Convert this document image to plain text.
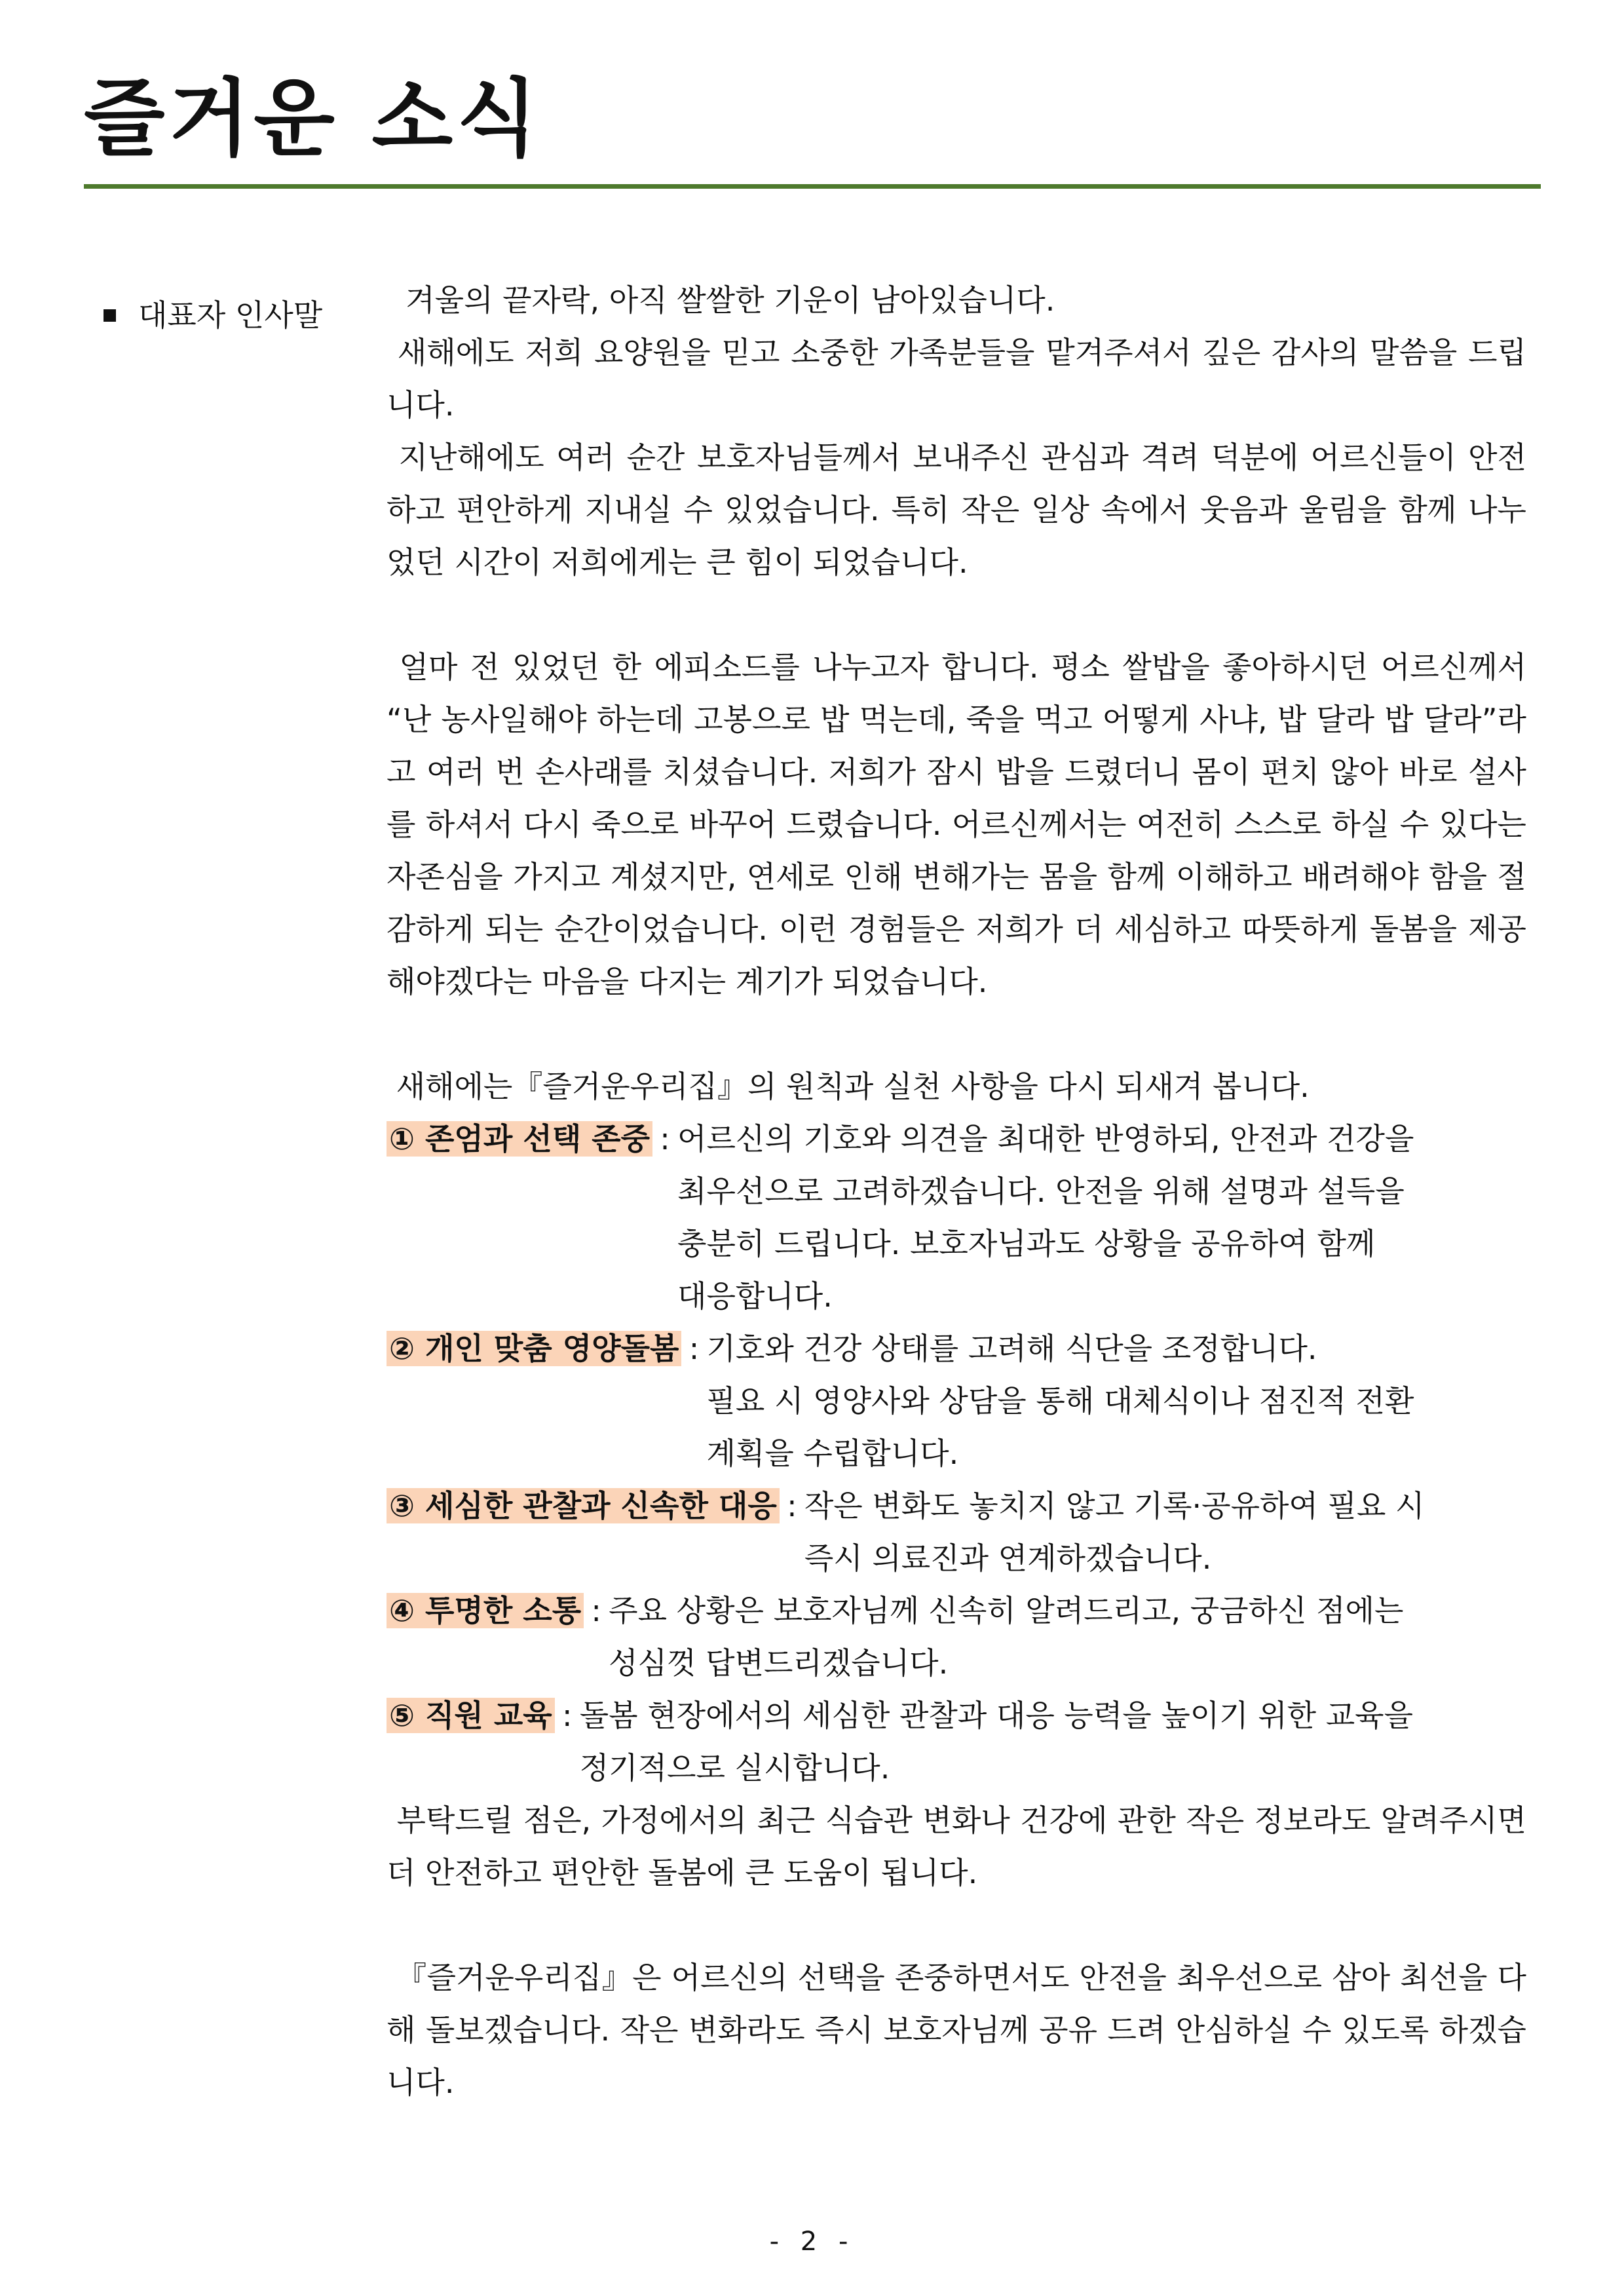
즐거운 소식
대표자 인사말	겨울의 끝자락, 아직 쌀쌀한 기운이 남아있습니다.

새해에도 저희 요양원을 믿고 소중한 가족분들을 맡겨주셔서 깊은 감사의 말씀을 드립니다.

지난해에도 여러 순간 보호자님들께서 보내주신 관심과 격려 덕분에 어르신들이 안전하고 편안하게 지내실 수 있었습니다. 특히 작은 일상 속에서 웃음과 울림을 함께 나누었던 시간이 저희에게는 큰 힘이 되었습니다.

얼마 전 있었던 한 에피소드를 나누고자 합니다. 평소 쌀밥을 좋아하시던 어르신께서 “난 농사일해야 하는데 고봉으로 밥 먹는데, 죽을 먹고 어떻게 사냐, 밥 달라 밥 달라”라고 여러 번 손사래를 치셨습니다. 저희가 잠시 밥을 드렸더니 몸이 편치 않아 바로 설사를 하셔서 다시 죽으로 바꾸어 드렸습니다. 어르신께서는 여전히 스스로 하실 수 있다는 자존심을 가지고 계셨지만, 연세로 인해 변해가는 몸을 함께 이해하고 배려해야 함을 절감하게 되는 순간이었습니다. 이런 경험들은 저희가 더 세심하고 따뜻하게 돌봄을 제공해야겠다는 마음을 다지는 계기가 되었습니다.

새해에는『즐거운우리집』의 원칙과 실천 사항을 다시 되새겨 봅니다.

① 존엄과 선택 존중 : 어르신의 기호와 의견을 최대한 반영하되, 안전과 건강을
최우선으로 고려하겠습니다. 안전을 위해 설명과 설득을
충분히 드립니다. 보호자님과도 상황을 공유하여 함께
대응합니다.
② 개인 맞춤 영양돌봄 : 기호와 건강 상태를 고려해 식단을 조정합니다.
필요 시 영양사와 상담을 통해 대체식이나 점진적 전환
계획을 수립합니다.
③ 세심한 관찰과 신속한 대응 : 작은 변화도 놓치지 않고 기록·공유하여 필요 시
즉시 의료진과 연계하겠습니다.
④ 투명한 소통 : 주요 상황은 보호자님께 신속히 알려드리고, 궁금하신 점에는
성심껏 답변드리겠습니다.
⑤ 직원 교육 : 돌봄 현장에서의 세심한 관찰과 대응 능력을 높이기 위한 교육을
정기적으로 실시합니다.

부탁드릴 점은, 가정에서의 최근 식습관 변화나 건강에 관한 작은 정보라도 알려주시면 더 안전하고 편안한 돌봄에 큰 도움이 됩니다.

『즐거운우리집』은 어르신의 선택을 존중하면서도 안전을 최우선으로 삼아 최선을 다해 돌보겠습니다. 작은 변화라도 즉시 보호자님께 공유 드려 안심하실 수 있도록 하겠습니다.

- 2 -
